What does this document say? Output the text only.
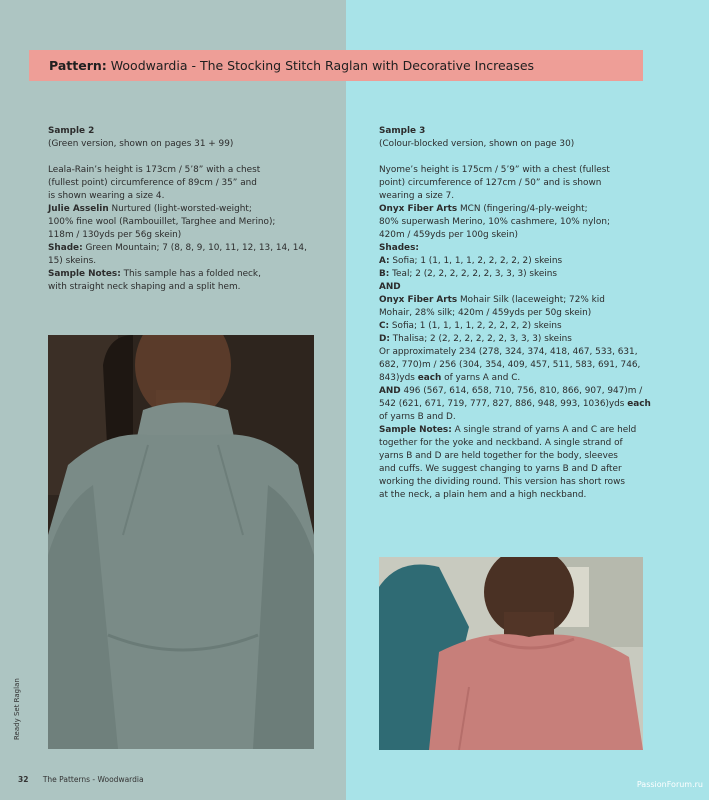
Pattern: Woodwardia - The Stocking Stitch Raglan with Decorative Increases

Sample 2

(Green version, shown on pages 31 + 99)

Leala-Rain’s height is 173cm / 5’8” with a chest

(fullest point) circumference of 89cm / 35” and

is shown wearing a size 4.

Julie Asselin Nurtured (light-worsted-weight;

100% fine wool (Rambouillet, Targhee and Merino);

118m / 130yds per 56g skein)

Shade: Green Mountain; 7 (8, 8, 9, 10, 11, 12, 13, 14, 14,

15) skeins.

Sample Notes: This sample has a folded neck,

with straight neck shaping and a split hem.

Sample 3

(Colour-blocked version, shown on page 30)

Nyome’s height is 175cm / 5’9” with a chest (fullest

point) circumference of 127cm / 50” and is shown

wearing a size 7.

Onyx Fiber Arts MCN (fingering/4-ply-weight;

80% superwash Merino, 10% cashmere, 10% nylon;

420m / 459yds per 100g skein)

Shades:

A: Sofia; 1 (1, 1, 1, 1, 2, 2, 2, 2, 2) skeins

B: Teal; 2 (2, 2, 2, 2, 2, 2, 3, 3, 3) skeins

AND

Onyx Fiber Arts Mohair Silk (laceweight; 72% kid

Mohair, 28% silk; 420m / 459yds per 50g skein)

C: Sofia; 1 (1, 1, 1, 1, 2, 2, 2, 2, 2) skeins

D: Thalisa; 2 (2, 2, 2, 2, 2, 2, 3, 3, 3) skeins

Or approximately 234 (278, 324, 374, 418, 467, 533, 631,

682, 770)m / 256 (304, 354, 409, 457, 511, 583, 691, 746,

843)yds each of yarns A and C.

AND 496 (567, 614, 658, 710, 756, 810, 866, 907, 947)m /

542 (621, 671, 719, 777, 827, 886, 948, 993, 1036)yds each

of yarns B and D.

Sample Notes: A single strand of yarns A and C are held

together for the yoke and neckband. A single strand of

yarns B and D are held together for the body, sleeves

and cuffs. We suggest changing to yarns B and D after

working the dividing round. This version has short rows

at the neck, a plain hem and a high neckband.

Ready Set Raglan
32 The Patterns - Woodwardia
PassionForum.ru
